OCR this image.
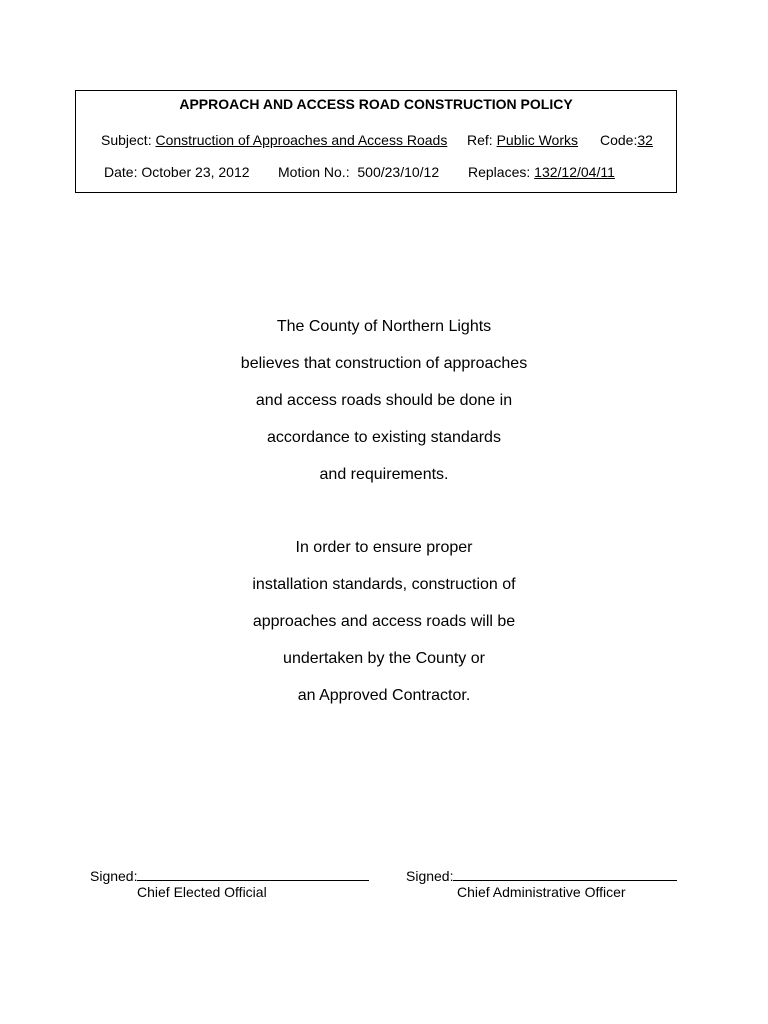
APPROACH AND ACCESS ROAD CONSTRUCTION POLICY
Subject: Construction of Approaches and Access Roads Ref: Public Works Code:32
Date: October 23, 2012 Motion No.: 500/23/10/12 Replaces: 132/12/04/11
The County of Northern Lights
believes that construction of approaches
and access roads should be done in
accordance to existing standards
and requirements.
In order to ensure proper
installation standards, construction of
approaches and access roads will be
undertaken by the County or
an Approved Contractor.
Signed:
Chief Elected Official
Signed:
Chief Administrative Officer
